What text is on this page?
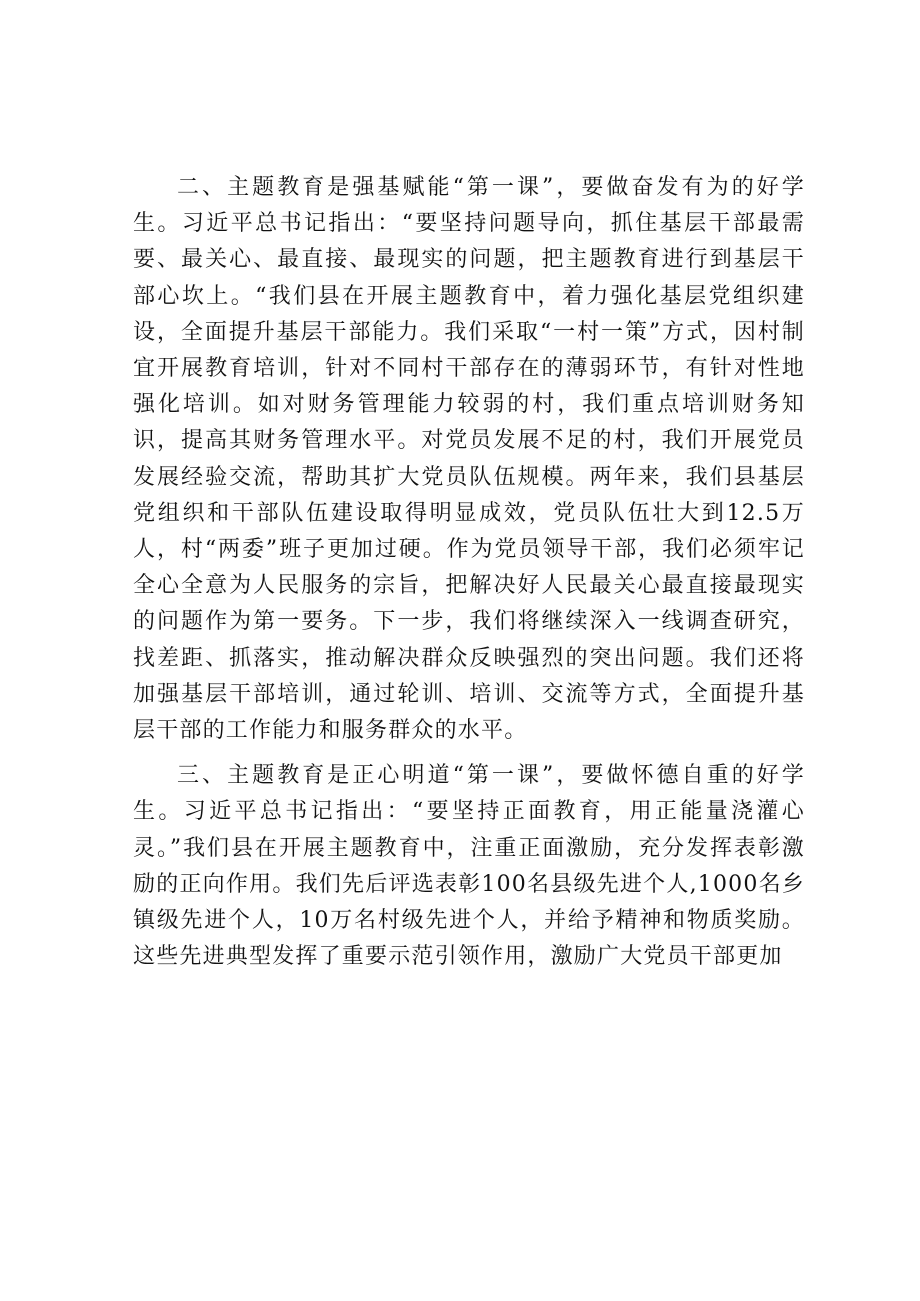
二、主题教育是强基赋能“第一课”，要做奋发有为的好学生。习近平总书记指出：“要坚持问题导向，抓住基层干部最需要、最关心、最直接、最现实的问题，把主题教育进行到基层干部心坎上。“我们县在开展主题教育中，着力强化基层党组织建设，全面提升基层干部能力。我们采取“一村一策”方式，因村制宜开展教育培训，针对不同村干部存在的薄弱环节，有针对性地强化培训。如对财务管理能力较弱的村，我们重点培训财务知识，提高其财务管理水平。对党员发展不足的村，我们开展党员发展经验交流，帮助其扩大党员队伍规模。两年来，我们县基层党组织和干部队伍建设取得明显成效，党员队伍壮大到12.5万人，村“两委”班子更加过硬。作为党员领导干部，我们必须牢记全心全意为人民服务的宗旨，把解决好人民最关心最直接最现实的问题作为第一要务。下一步，我们将继续深入一线调查研究，找差距、抓落实，推动解决群众反映强烈的突出问题。我们还将加强基层干部培训，通过轮训、培训、交流等方式，全面提升基层干部的工作能力和服务群众的水平。

三、主题教育是正心明道“第一课”，要做怀德自重的好学生。习近平总书记指出：“要坚持正面教育，用正能量浇灌心灵。”我们县在开展主题教育中，注重正面激励，充分发挥表彰激励的正向作用。我们先后评选表彰100名县级先进个人,1000名乡镇级先进个人，10万名村级先进个人，并给予精神和物质奖励。这些先进典型发挥了重要示范引领作用，激励广大党员干部更加
